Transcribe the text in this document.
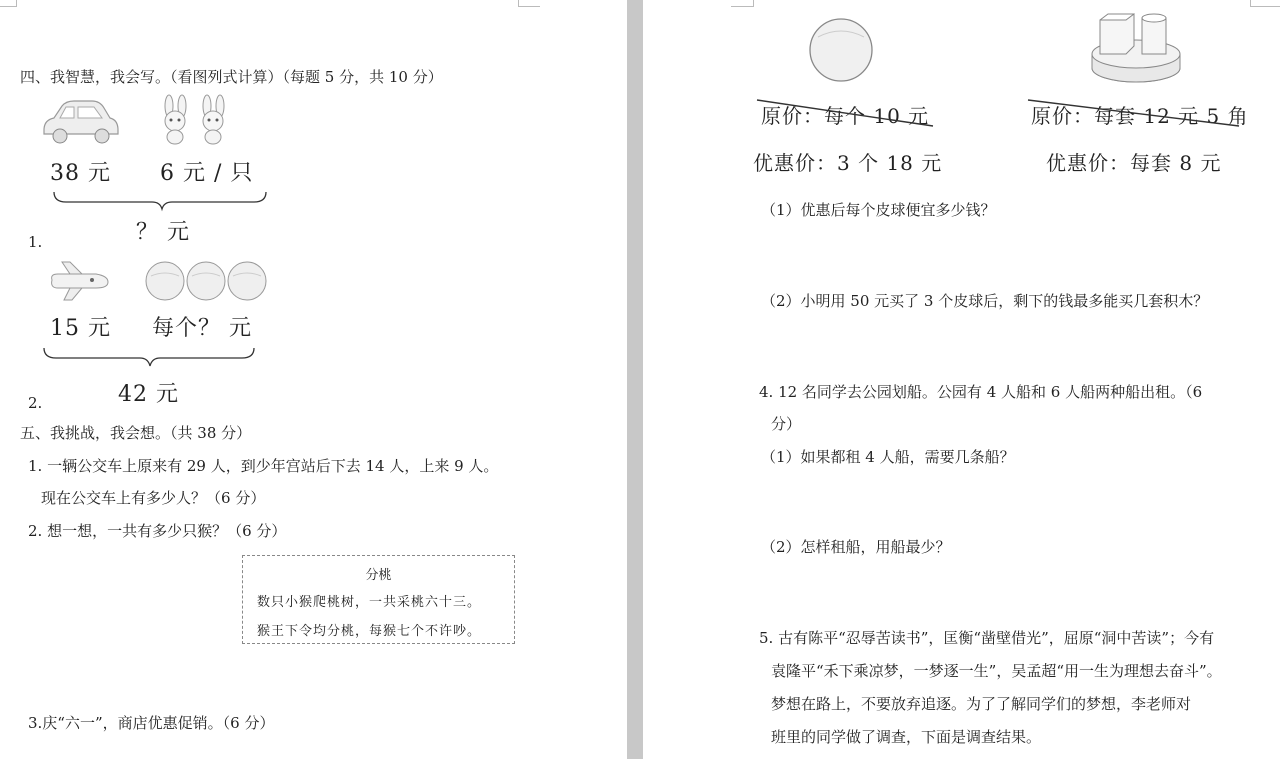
四、我智慧，我会写。（看图列式计算）（每题 5 分，共 10 分）
38 元 6 元 / 只
？ 元
1.
15 元 每个？ 元
42 元
2.
五、我挑战，我会想。（共 38 分）
1. 一辆公交车上原来有 29 人，到少年宫站后下去 14 人，上来 9 人。
现在公交车上有多少人？（6 分）
2. 想一想，一共有多少只猴？（6 分）
分桃
数只小猴爬桃树，一共采桃六十三。
猴王下令均分桃，每猴七个不许吵。
3.庆“六一”，商店优惠促销。（6 分）
原价：每个 10 元	原价：每套 12 元 5 角
优惠价：3 个 18 元	优惠价：每套 8 元
（1）优惠后每个皮球便宜多少钱？
（2）小明用 50 元买了 3 个皮球后，剩下的钱最多能买几套积木？
4. 12 名同学去公园划船。公园有 4 人船和 6 人船两种船出租。（6
分）
（1）如果都租 4 人船，需要几条船？
（2）怎样租船，用船最少？
5. 古有陈平“忍辱苦读书”，匡衡“凿壁借光”，屈原“洞中苦读”；今有
袁隆平“禾下乘凉梦，一梦逐一生”，吴孟超“用一生为理想去奋斗”。
梦想在路上，不要放弃追逐。为了了解同学们的梦想，李老师对
班里的同学做了调查，下面是调查结果。
